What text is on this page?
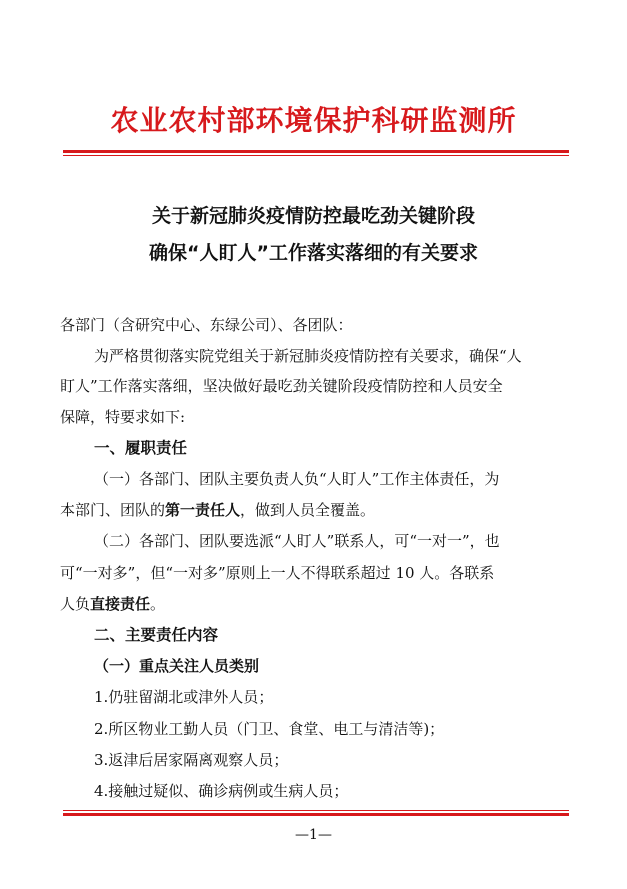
农业农村部环境保护科研监测所
关于新冠肺炎疫情防控最吃劲关键阶段
确保“人盯人”工作落实落细的有关要求
各部门（含研究中心、东绿公司）、各团队：
为严格贯彻落实院党组关于新冠肺炎疫情防控有关要求，确保“人
盯人”工作落实落细，坚决做好最吃劲关键阶段疫情防控和人员安全
保障，特要求如下:
一、履职责任
（一）各部门、团队主要负责人负“人盯人”工作主体责任，为
本部门、团队的第一责任人，做到人员全覆盖。
（二）各部门、团队要选派“人盯人”联系人，可“一对一”，也
可“一对多”，但“一对多”原则上一人不得联系超过 10 人。各联系
人负直接责任。
二、主要责任内容
（一）重点关注人员类别
1.仍驻留湖北或津外人员；
2.所区物业工勤人员（门卫、食堂、电工与清洁等)；
3.返津后居家隔离观察人员；
4.接触过疑似、确诊病例或生病人员；
—1—
